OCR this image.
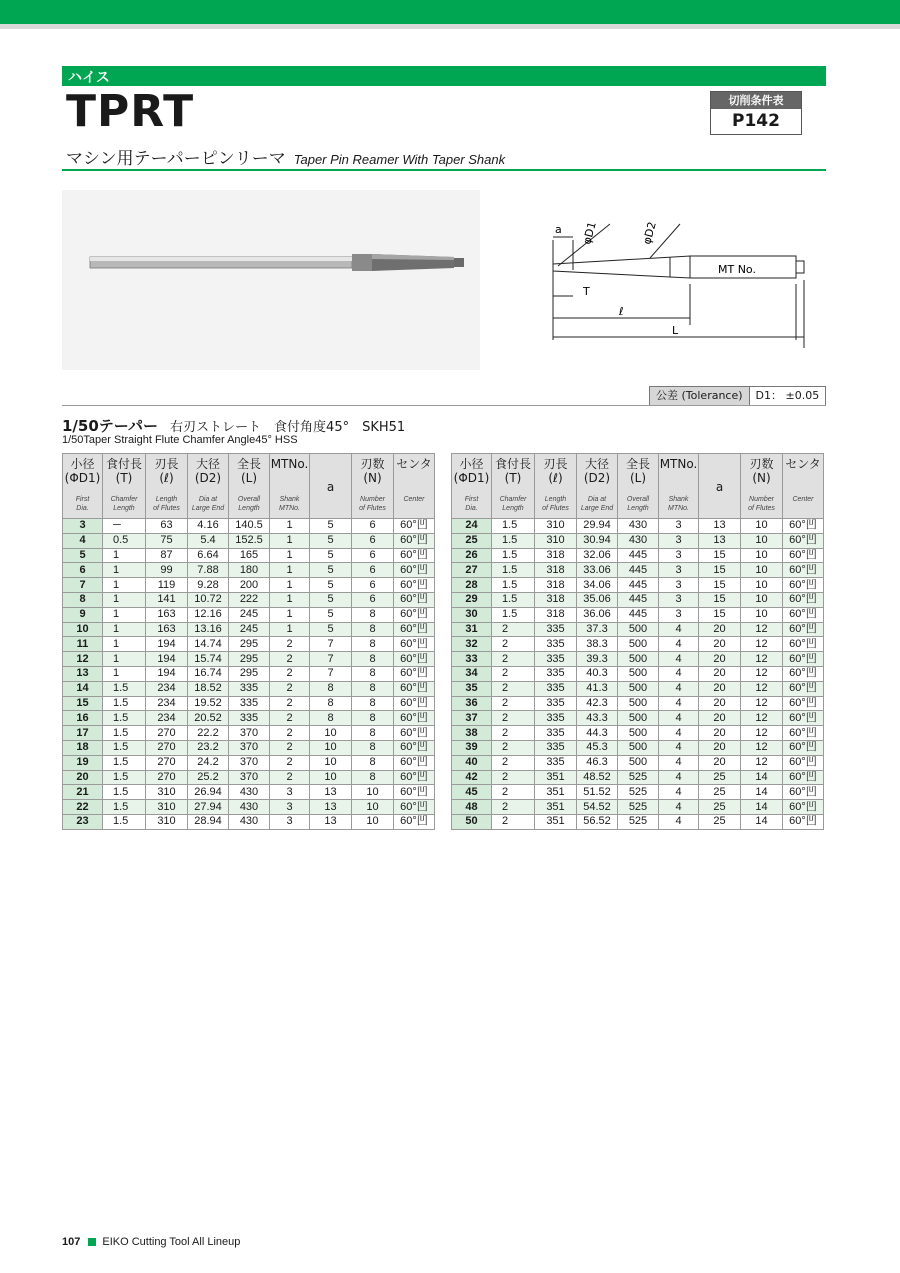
ハイス
TPRT	切削条件表
P142
マシン用テーパーピンリーマ Taper Pin Reamer With Taper Shank
a φD1	φD2
MT No.
T
ℓ
L
公差 (Tolerance)	D1： ±0.05
1/50テーパー 右刃ストレート　食付角度45°　SKH51
1/50Taper Straight Flute Chamfer Angle45° HSS
小径
(ΦD1)
First
Dia.	食付長
(T)
Chamfer
Length	刃長
(ℓ)
Length
of Flutes	大径
(D2)
Dia at
Large End	全長
(L)
Overall
Length	MTNo.
Shank
MTNo.	a	刃数
(N)
Number
of Flutes	センタ
Center

3	─	63	4.16	140.5	1	5	6	60°凹
4	0.5	75	5.4	152.5	1	5	6	60°凹
5	1	87	6.64	165	1	5	6	60°凹
6	1	99	7.88	180	1	5	6	60°凹
7	1	119	9.28	200	1	5	6	60°凹
8	1	141	10.72	222	1	5	6	60°凹
9	1	163	12.16	245	1	5	8	60°凹
10	1	163	13.16	245	1	5	8	60°凹
11	1	194	14.74	295	2	7	8	60°凹
12	1	194	15.74	295	2	7	8	60°凹
13	1	194	16.74	295	2	7	8	60°凹
14	1.5	234	18.52	335	2	8	8	60°凹
15	1.5	234	19.52	335	2	8	8	60°凹
16	1.5	234	20.52	335	2	8	8	60°凹
17	1.5	270	22.2	370	2	10	8	60°凹
18	1.5	270	23.2	370	2	10	8	60°凹
19	1.5	270	24.2	370	2	10	8	60°凹
20	1.5	270	25.2	370	2	10	8	60°凹
21	1.5	310	26.94	430	3	13	10	60°凹
22	1.5	310	27.94	430	3	13	10	60°凹
23	1.5	310	28.94	430	3	13	10	60°凹
小径
(ΦD1)
First
Dia.	食付長
(T)
Chamfer
Length	刃長
(ℓ)
Length
of Flutes	大径
(D2)
Dia at
Large End	全長
(L)
Overall
Length	MTNo.
Shank
MTNo.	a	刃数
(N)
Number
of Flutes	センタ
Center

24	1.5	310	29.94	430	3	13	10	60°凹
25	1.5	310	30.94	430	3	13	10	60°凹
26	1.5	318	32.06	445	3	15	10	60°凹
27	1.5	318	33.06	445	3	15	10	60°凹
28	1.5	318	34.06	445	3	15	10	60°凹
29	1.5	318	35.06	445	3	15	10	60°凹
30	1.5	318	36.06	445	3	15	10	60°凹
31	2	335	37.3	500	4	20	12	60°凹
32	2	335	38.3	500	4	20	12	60°凹
33	2	335	39.3	500	4	20	12	60°凹
34	2	335	40.3	500	4	20	12	60°凹
35	2	335	41.3	500	4	20	12	60°凹
36	2	335	42.3	500	4	20	12	60°凹
37	2	335	43.3	500	4	20	12	60°凹
38	2	335	44.3	500	4	20	12	60°凹
39	2	335	45.3	500	4	20	12	60°凹
40	2	335	46.3	500	4	20	12	60°凹
42	2	351	48.52	525	4	25	14	60°凹
45	2	351	51.52	525	4	25	14	60°凹
48	2	351	54.52	525	4	25	14	60°凹
50	2	351	56.52	525	4	25	14	60°凹
107 EIKO Cutting Tool All Lineup
